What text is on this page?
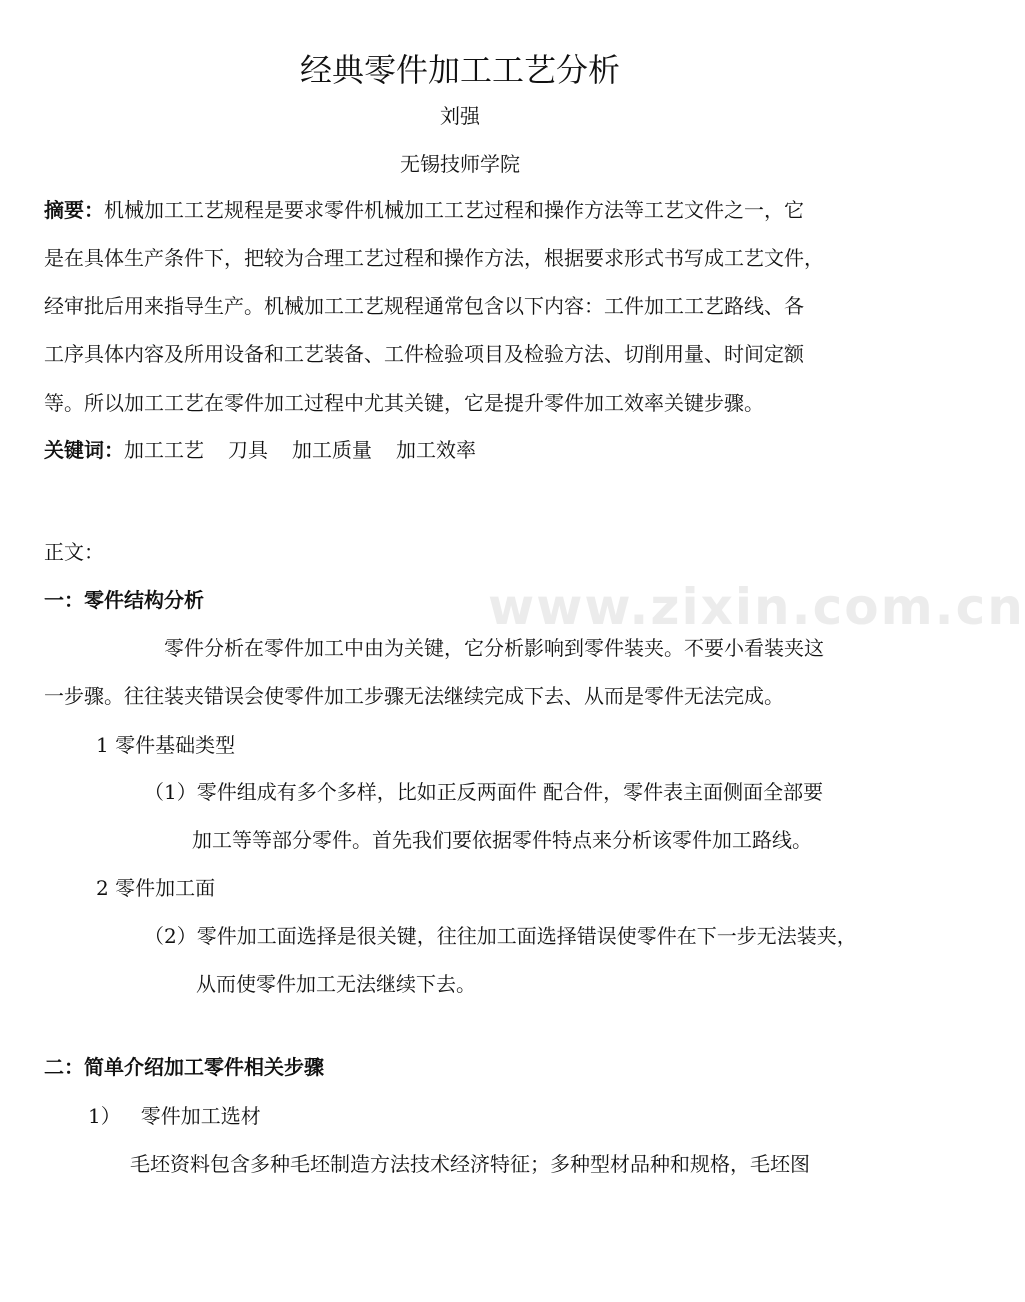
www.zixin.com.cn
经典零件加工工艺分析
刘强
无锡技师学院
摘要：机械加工工艺规程是要求零件机械加工工艺过程和操作方法等工艺文件之一，它
是在具体生产条件下，把较为合理工艺过程和操作方法，根据要求形式书写成工艺文件，
经审批后用来指导生产。机械加工工艺规程通常包含以下内容：工件加工工艺路线、各
工序具体内容及所用设备和工艺装备、工件检验项目及检验方法、切削用量、时间定额
等。所以加工工艺在零件加工过程中尤其关键，它是提升零件加工效率关键步骤。
关键词：加工工艺 刀具 加工质量 加工效率
正文：
一：零件结构分析
零件分析在零件加工中由为关键，它分析影响到零件装夹。不要小看装夹这
一步骤。往往装夹错误会使零件加工步骤无法继续完成下去、从而是零件无法完成。
1 零件基础类型
（1）零件组成有多个多样，比如正反两面件 配合件，零件表主面侧面全部要
加工等等部分零件。首先我们要依据零件特点来分析该零件加工路线。
2 零件加工面
（2）零件加工面选择是很关键，往往加工面选择错误使零件在下一步无法装夹，
从而使零件加工无法继续下去。
二：简单介绍加工零件相关步骤
1） 零件加工选材
毛坯资料包含多种毛坯制造方法技术经济特征；多种型材品种和规格，毛坯图
